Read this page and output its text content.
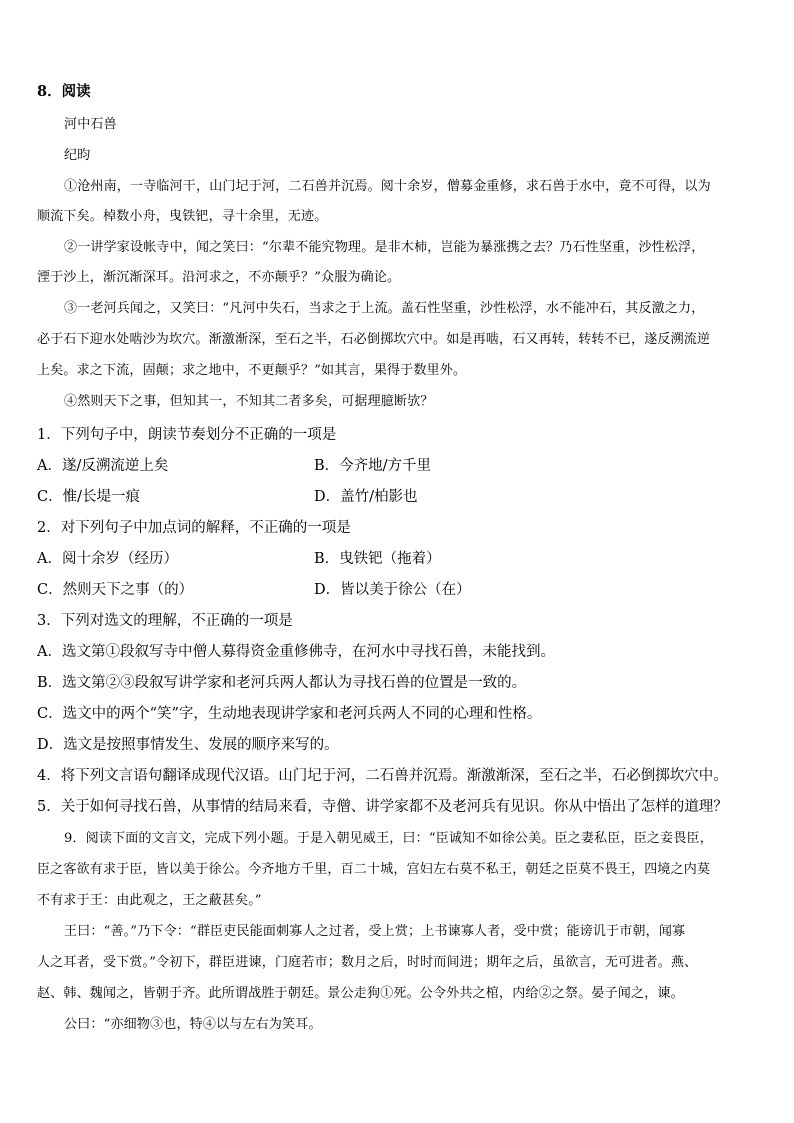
8．阅读
河中石兽
纪昀
①沧州南，一寺临河干，山门圮于河，二石兽并沉焉。阅十余岁，僧募金重修，求石兽于水中，竟不可得，以为
顺流下矣。棹数小舟，曳铁钯，寻十余里，无迹。
②一讲学家设帐寺中，闻之笑曰：“尔辈不能究物理。是非木柿，岂能为暴涨携之去？乃石性坚重，沙性松浮，
湮于沙上，渐沉渐深耳。沿河求之，不亦颠乎？”众服为确论。
③一老河兵闻之，又笑曰：“凡河中失石，当求之于上流。盖石性坚重，沙性松浮，水不能冲石，其反激之力，
必于石下迎水处啮沙为坎穴。渐激渐深，至石之半，石必倒掷坎穴中。如是再啮，石又再转，转转不已，遂反溯流逆
上矣。求之下流，固颠；求之地中，不更颠乎？”如其言，果得于数里外。
④然则天下之事，但知其一，不知其二者多矣，可据理臆断欤？
1．下列句子中，朗读节奏划分不正确的一项是
A．遂/反溯流逆上矣	B．今齐地/方千里
C．惟/长堤一痕	D．盖竹/柏影也
2．对下列句子中加点词的解释，不正确的一项是
A．阅十余岁（经历）	B．曳铁钯（拖着）
C．然则天下之事（的）	D．皆以美于徐公（在）
3．下列对选文的理解，不正确的一项是
A．选文第①段叙写寺中僧人募得资金重修佛寺，在河水中寻找石兽，未能找到。
B．选文第②③段叙写讲学家和老河兵两人都认为寻找石兽的位置是一致的。
C．选文中的两个“笑”字，生动地表现讲学家和老河兵两人不同的心理和性格。
D．选文是按照事情发生、发展的顺序来写的。
4．将下列文言语句翻译成现代汉语。山门圮于河，二石兽并沉焉。渐激渐深，至石之半，石必倒掷坎穴中。
5．关于如何寻找石兽，从事情的结局来看，寺僧、讲学家都不及老河兵有见识。你从中悟出了怎样的道理？
9．阅读下面的文言文，完成下列小题。于是入朝见威王，曰：“臣诚知不如徐公美。臣之妻私臣，臣之妾畏臣，
臣之客欲有求于臣，皆以美于徐公。今齐地方千里，百二十城，宫妇左右莫不私王，朝廷之臣莫不畏王，四境之内莫
不有求于王：由此观之，王之蔽甚矣。”
王曰：“善。”乃下令：“群臣吏民能面刺寡人之过者，受上赏；上书谏寡人者，受中赏；能谤讥于市朝，闻寡
人之耳者，受下赏。”令初下，群臣进谏，门庭若市；数月之后，时时而间进；期年之后，虽欲言，无可进者。燕、
赵、韩、魏闻之，皆朝于齐。此所谓战胜于朝廷。景公走狗①死。公令外共之棺，内给②之祭。晏子闻之，谏。
公曰：“亦细物③也，特④以与左右为笑耳。
